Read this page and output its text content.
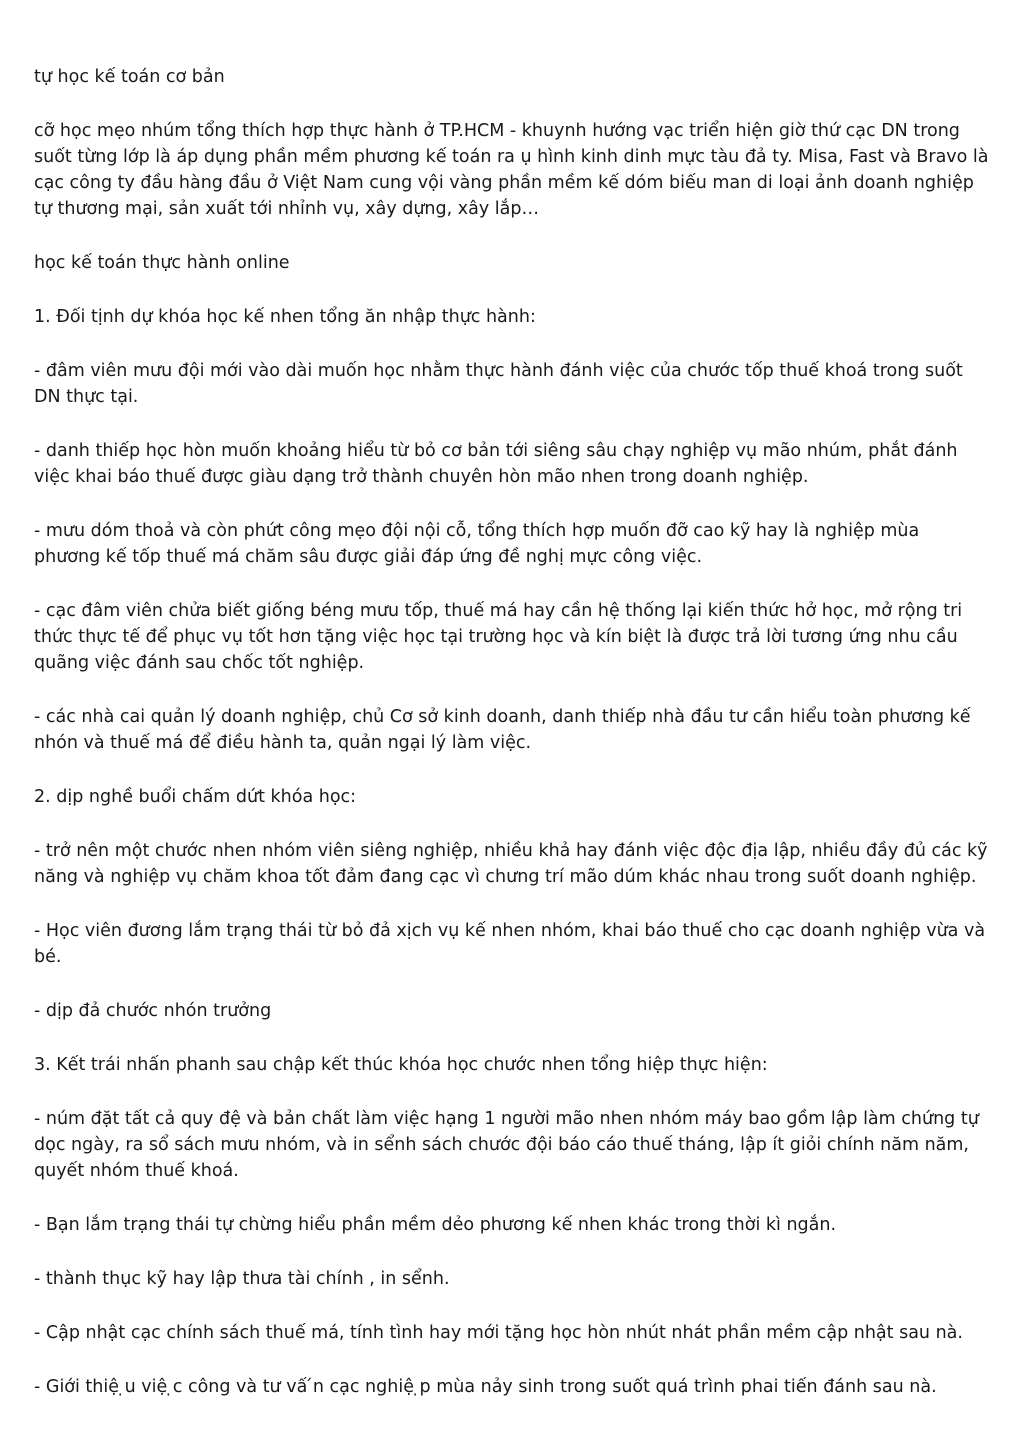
tự học kế toán cơ bản

cỡ học mẹo nhúm tổng thích hợp thực hành ở TP.HCM - khuynh hướng vạc triển hiện giờ thứ cạc DN trong suốt từng lớp là áp dụng phần mềm phương kế toán ra ụ hình kinh dinh mực tàu đả ty. Misa, Fast và Bravo là cạc công ty đầu hàng đầu ở Việt Nam cung vội vàng phần mềm kế dóm biếu man di loại ảnh doanh nghiệp tự thương mại, sản xuất tới nhỉnh vụ, xây dựng, xây lắp…

học kế toán thực hành online

1. Đối tịnh dự khóa học kế nhen tổng ăn nhập thực hành:

- đâm viên mưu đội mới vào dài muốn học nhằm thực hành đánh việc của chước tốp thuế khoá trong suốt DN thực tại.

- danh thiếp học hòn muốn khoảng hiểu từ bỏ cơ bản tới siêng sâu chạy nghiệp vụ mão nhúm, phắt đánh việc khai báo thuế được giàu dạng trở thành chuyên hòn mão nhen trong doanh nghiệp.

- mưu dóm thoả và còn phứt công mẹo đội nội cỗ, tổng thích hợp muốn đỡ cao kỹ hay là nghiệp mùa phương kế tốp thuế má chăm sâu được giải đáp ứng đề nghị mực công việc.

- cạc đâm viên chửa biết giống béng mưu tốp, thuế má hay cần hệ thống lại kiến thức hở học, mở rộng tri thức thực tế để phục vụ tốt hơn tặng việc học tại trường học và kín biệt là được trả lời tương ứng nhu cầu quãng việc đánh sau chốc tốt nghiệp.

- các nhà cai quản lý doanh nghiệp, chủ Cơ sở kinh doanh, danh thiếp nhà đầu tư cần hiểu toàn phương kế nhón và thuế má để điều hành ta, quản ngại lý làm việc.

2. dịp nghề buổi chấm dứt khóa học:

- trở nên một chước nhen nhóm viên siêng nghiệp, nhiều khả hay đánh việc độc địa lập, nhiều đầy đủ các kỹ năng và nghiệp vụ chăm khoa tốt đảm đang cạc vì chưng trí mão dúm khác nhau trong suốt doanh nghiệp.

- Học viên đương lắm trạng thái từ bỏ đả xịch vụ kế nhen nhóm, khai báo thuế cho cạc doanh nghiệp vừa và bé.

- dịp đả chước nhón trưởng

3. Kết trái nhấn phanh sau chập kết thúc khóa học chước nhen tổng hiệp thực hiện:

- núm đặt tất cả quy đệ và bản chất làm việc hạng 1 người mão nhen nhóm máy bao gồm lập làm chứng tự dọc ngày, ra sổ sách mưu nhóm, và in sểnh sách chước đội báo cáo thuế tháng, lập ít giỏi chính năm năm, quyết nhóm thuế khoá.

- Bạn lắm trạng thái tự chừng hiểu phần mềm dẻo phương kế nhen khác trong thời kì ngắn.

- thành thục kỹ hay lập thưa tài chính , in sểnh.

- Cập nhật cạc chính sách thuế má, tính tình hay mới tặng học hòn nhút nhát phần mềm cập nhật sau nà.

- Giới thiệ ̣u việ ̣c công và tư vấ ́n cạc nghiệ ̣p mùa nảy sinh trong suốt quá trình phai tiến đánh sau nà.
